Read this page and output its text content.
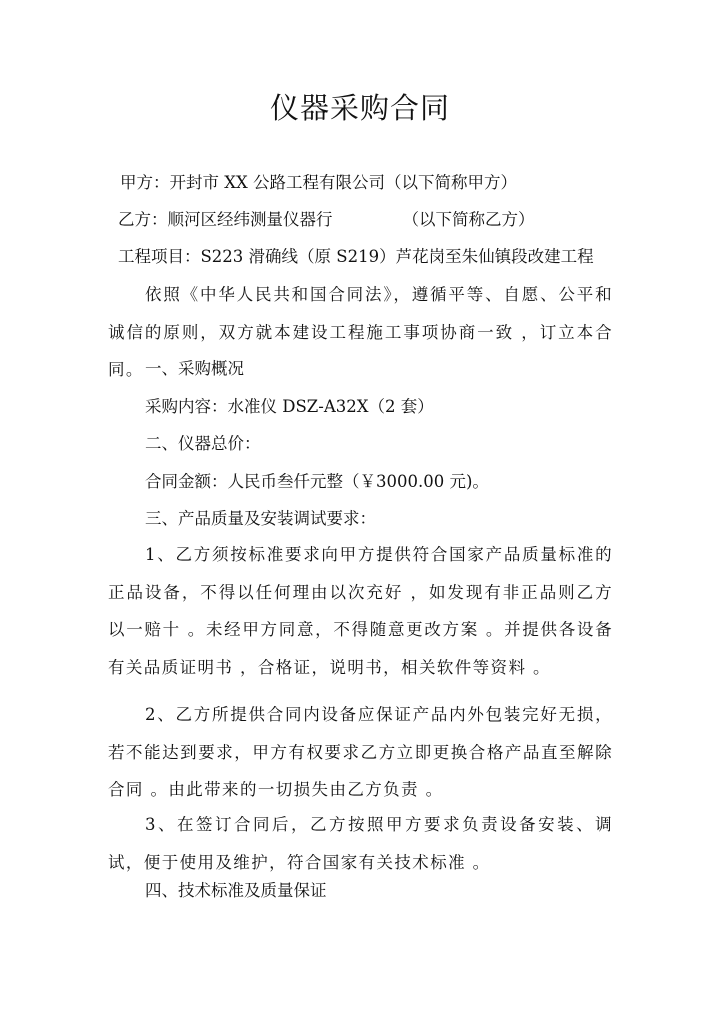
仪器采购合同
甲方：开封市 XX 公路工程有限公司（以下简称甲方）
乙方：顺河区经纬测量仪器行	（以下简称乙方）
工程项目：S223 滑确线（原 S219）芦花岗至朱仙镇段改建工程
依照《中华人民共和国合同法》，遵循平等、自愿、公平和诚信的原则，双方就本建设工程施工事项协商一致 ，订立本合同。 一、采购概况
采购内容：水准仪 DSZ-A32X（2 套）
二、仪器总价：
合同金额：人民币叁仟元整（￥3000.00 元)。
三、产品质量及安装调试要求：
1、乙方须按标准要求向甲方提供符合国家产品质量标准的正品设备，不得以任何理由以次充好 ，如发现有非正品则乙方以一赔十 。未经甲方同意，不得随意更改方案 。并提供各设备有关品质证明书 ，合格证，说明书，相关软件等资料 。
2、乙方所提供合同内设备应保证产品内外包装完好无损，若不能达到要求，甲方有权要求乙方立即更换合格产品直至解除合同 。由此带来的一切损失由乙方负责 。
3、在签订合同后，乙方按照甲方要求负责设备安装、调试，便于使用及维护，符合国家有关技术标准 。
四、技术标准及质量保证
